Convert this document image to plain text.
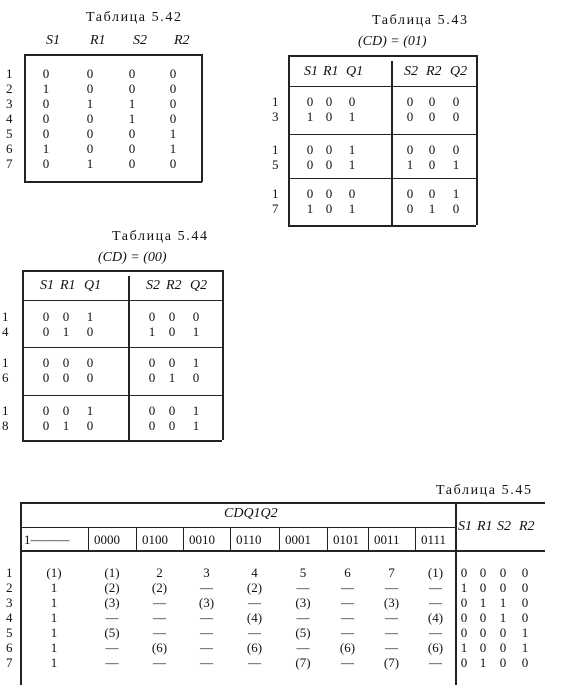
Таблица 5.42
S1 R1 S2 R2
1	0	0	0	0
2	1	0	0	0
3	0	1	1	0
4	0	0	1	0
5	0	0	0	1
6	1	0	0	1
7	0	1	0	0
Таблица 5.43
(CD) = (01)
S1 R1 Q1	S2 R2 Q2
1	0 0	0	0	0	0
3	1 0	1	0	0	0
1	0 0	1	0	0	0
5	0 0	1	1	0	1
1	0 0	0	0	0	1
7	1 0	1	0	1	0
Таблица 5.44
(CD) = (00)
S1 R1 Q1	S2 R2 Q2
1	0	0	1	0	0	0
4	0	1	0	1	0	1
1	0	0	0	0	0	1
6	0	0	0	0	1	0
1	0	0	1	0	0	1
8	0	1	0	0	0	1
Таблица 5.45
CDQ1Q2
1——— 0000 0100 0010 0110 0001 0101 0011 0111
S1 R1 S2 R2
1	(1)	(1)	2	3	4	5	6	7	(1)	0 0	0	0
2	1	(2)	(2)	—	(2)	—	—	—	—	1 0	0	0
3	1	(3)	—	(3)	—	(3)	—	(3)	—	0 1	1	0
4	1	—	—	—	(4)	—	—	—	(4)	0 0	1	0
5	1	(5)	—	—	—	(5)	—	—	—	0 0	0	1
6	1	—	(6)	—	(6)	—	(6)	—	(6)	1 0	0	1
7	1	—	—	—	—	(7)	—	(7)	—	0 1	0	0
